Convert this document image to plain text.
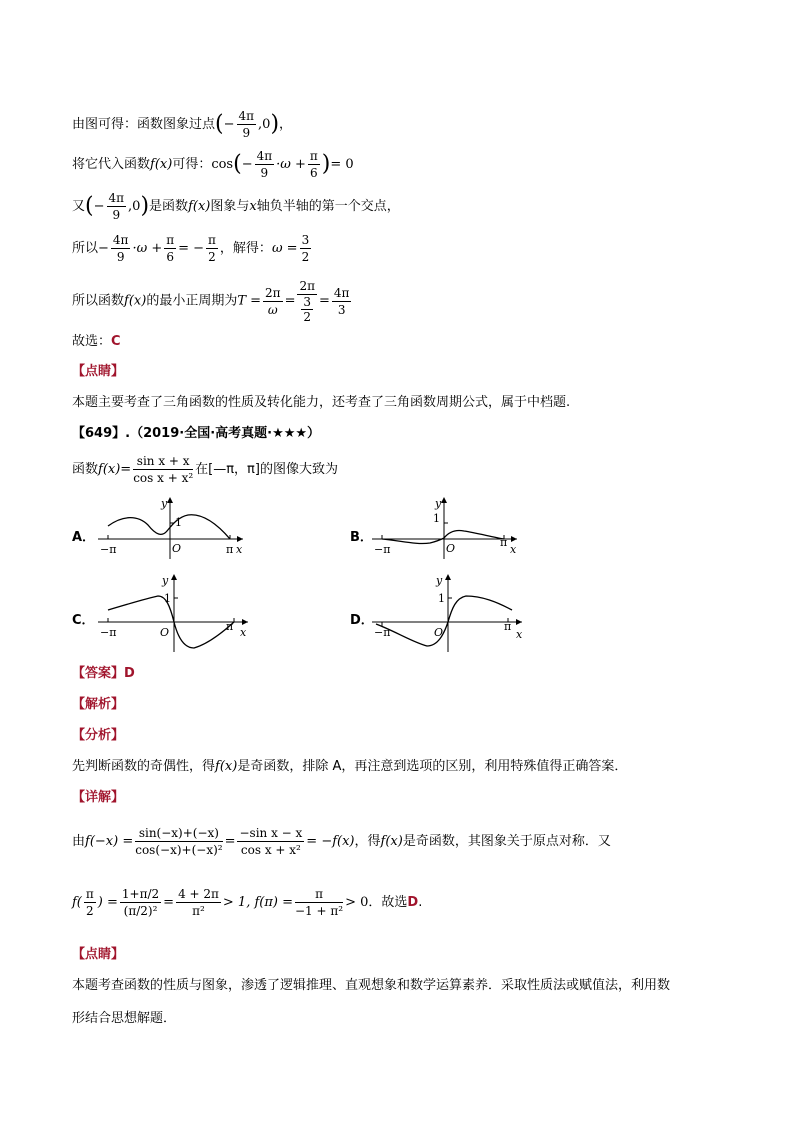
由图可得：函数图象过点(− $\frac{4\pi}{9} ,0$)，
将它代入函数f(x)可得：$\cos(- \frac{4\pi}{9} \cdot\omega + \frac{\pi}{6}$ )= 0
又(− $\frac{4\pi}{9} ,0$)是函数f(x)图象与x轴负半轴的第一个交点，
所以− $\frac{4\pi}{9} \cdot\omega + \frac{\pi}{6}$ = − $\frac{\pi}{2}$ ，解得：$\omega = \frac{3}{2}$
所以函数f(x)的最小正周期为$T = \frac{2\pi}{\omega}$ =
2π
3
2
= $\frac{4\pi}{3}$
故选：C
【点睛】
本题主要考查了三角函数的性质及转化能力，还考查了三角函数周期公式，属于中档题.
【649】.（2019·全国·高考真题·★★★）
函数$f(x)= \frac{\text{sin x + x}}{\text{cos x + x²}}$ 在[—π，π]的图像大致为
A．
y
1
O
−π	π x
B．
y
1
O
−π
π
x
C．
y
1
O
−π	π x
D．
y
1
O
−π	π
x
【答案】D
【解析】
【分析】
先判断函数的奇偶性，得f(x)是奇函数，排除 A，再注意到选项的区别，利用特殊值得正确答案．
【详解】
由$f(-x) = \frac{\sin(-x)+(-x)}{\text{cos(−x)+(−x)²}} = \frac{\text{−sin x − x}}{\text{cos x + x²}} = -f(x)$，得f(x)是奇函数，其图象关于原点对称．又
$f( \frac{\pi}{2}$ ) = $\frac{1+\pi/2}{\text{(π/2)²}} = \frac{4 + 2\pi}{\text{π²}} > 1$, $f(\pi) = \frac{\pi}{\text{−1 + π²}} > 0$．故选D.
【点睛】
本题考查函数的性质与图象，渗透了逻辑推理、直观想象和数学运算素养．采取性质法或赋值法，利用数
形结合思想解题．
